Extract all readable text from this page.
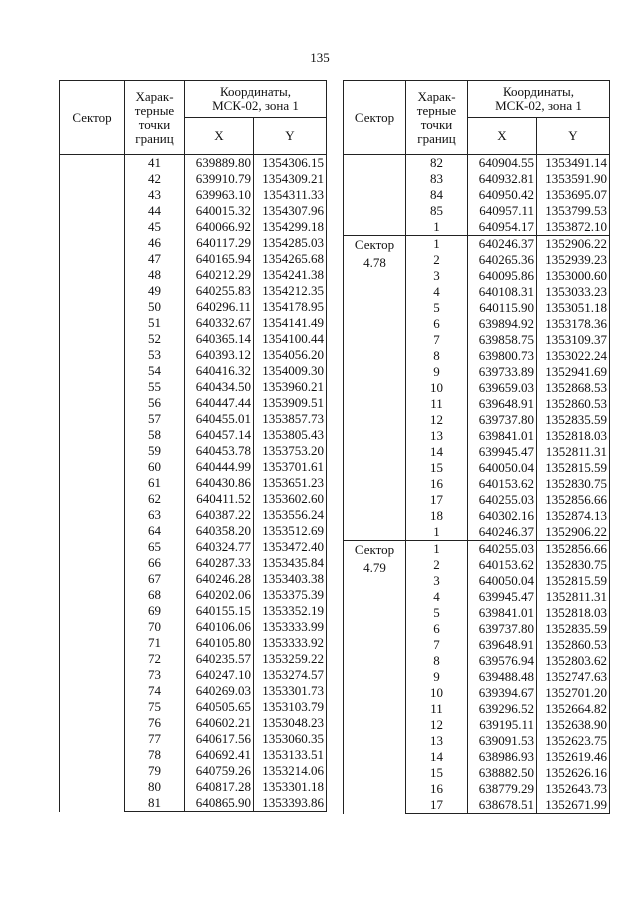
135
Сектор	Харак-
терные
точки
границ	Координаты,
МСК-02, зона 1	

		X	Y
	41	639889.80	1354306.15
	42	639910.79	1354309.21
	43	639963.10	1354311.33
	44	640015.32	1354307.96
	45	640066.92	1354299.18
	46	640117.29	1354285.03
	47	640165.94	1354265.68
	48	640212.29	1354241.38
	49	640255.83	1354212.35
	50	640296.11	1354178.95
	51	640332.67	1354141.49
	52	640365.14	1354100.44
	53	640393.12	1354056.20
	54	640416.32	1354009.30
	55	640434.50	1353960.21
	56	640447.44	1353909.51
	57	640455.01	1353857.73
	58	640457.14	1353805.43
	59	640453.78	1353753.20
	60	640444.99	1353701.61
	61	640430.86	1353651.23
	62	640411.52	1353602.60
	63	640387.22	1353556.24
	64	640358.20	1353512.69
	65	640324.77	1353472.40
	66	640287.33	1353435.84
	67	640246.28	1353403.38
	68	640202.06	1353375.39
	69	640155.15	1353352.19
	70	640106.06	1353333.99
	71	640105.80	1353333.92
	72	640235.57	1353259.22
	73	640247.10	1353274.57
	74	640269.03	1353301.73
	75	640505.65	1353103.79
	76	640602.21	1353048.23
	77	640617.56	1353060.35
	78	640692.41	1353133.51
	79	640759.26	1353214.06
	80	640817.28	1353301.18
	81	640865.90	1353393.86
Сектор	Харак-
терные
точки
границ	Координаты,
МСК-02, зона 1	

		X	Y
	82	640904.55	1353491.14
	83	640932.81	1353591.90
	84	640950.42	1353695.07
	85	640957.11	1353799.53
	1	640954.17	1353872.10

Сектор
4.78	1	640246.37	1352906.22
	2	640265.36	1352939.23
	3	640095.86	1353000.60
	4	640108.31	1353033.23
	5	640115.90	1353051.18
	6	639894.92	1353178.36
	7	639858.75	1353109.37
	8	639800.73	1353022.24
	9	639733.89	1352941.69
	10	639659.03	1352868.53
	11	639648.91	1352860.53
	12	639737.80	1352835.59
	13	639841.01	1352818.03
	14	639945.47	1352811.31
	15	640050.04	1352815.59
	16	640153.62	1352830.75
	17	640255.03	1352856.66
	18	640302.16	1352874.13
	1	640246.37	1352906.22

Сектор
4.79	1	640255.03	1352856.66
	2	640153.62	1352830.75
	3	640050.04	1352815.59
	4	639945.47	1352811.31
	5	639841.01	1352818.03
	6	639737.80	1352835.59
	7	639648.91	1352860.53
	8	639576.94	1352803.62
	9	639488.48	1352747.63
	10	639394.67	1352701.20
	11	639296.52	1352664.82
	12	639195.11	1352638.90
	13	639091.53	1352623.75
	14	638986.93	1352619.46
	15	638882.50	1352626.16
	16	638779.29	1352643.73
	17	638678.51	1352671.99
